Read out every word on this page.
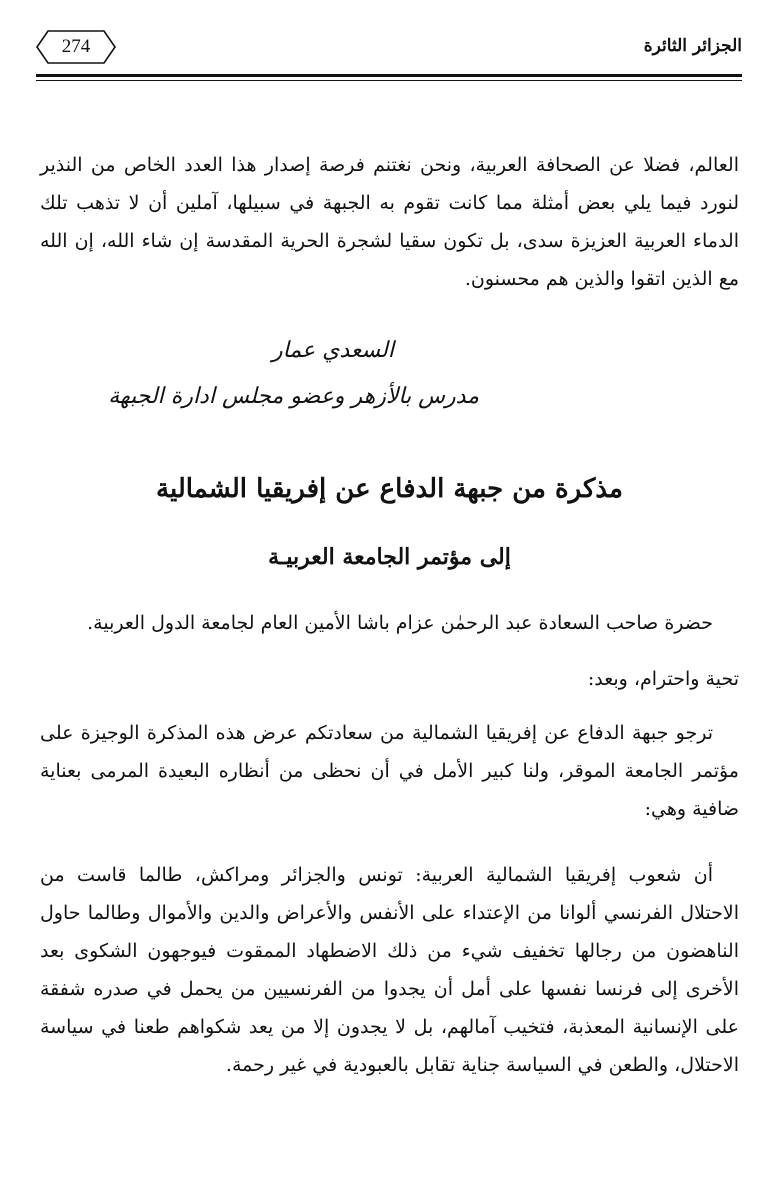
274	الجزائر الثائرة
العالم، فضلا عن الصحافة العربية، ونحن نغتنم فرصة إصدار هذا العدد الخاص من النذير لنورد فيما يلي بعض أمثلة مما كانت تقوم به الجبهة في سبيلها، آملين أن لا تذهب تلك الدماء العربية العزيزة سدى، بل تكون سقيا لشجرة الحرية المقدسة إن شاء الله، إن الله مع الذين اتقوا والذين هم محسنون.
السعدي عمار
مدرس بالأزهر وعضو مجلس ادارة الجبهة
مذكرة من جبهة الدفاع عن إفريقيا الشمالية
إلى مؤتمر الجامعة العربيـة
حضرة صاحب السعادة عبد الرحمٰن عزام باشا الأمين العام لجامعة الدول العربية.
تحية واحترام، وبعد:
ترجو جبهة الدفاع عن إفريقيا الشمالية من سعادتكم عرض هذه المذكرة الوجيزة على مؤتمر الجامعة الموقر، ولنا كبير الأمل في أن نحظى من أنظاره البعيدة المرمى بعناية ضافية وهي:
أن شعوب إفريقيا الشمالية العربية: تونس والجزائر ومراكش، طالما قاست من الاحتلال الفرنسي ألوانا من الإعتداء على الأنفس والأعراض والدين والأموال وطالما حاول الناهضون من رجالها تخفيف شيء من ذلك الاضطهاد الممقوت فيوجهون الشكوى بعد الأخرى إلى فرنسا نفسها على أمل أن يجدوا من الفرنسيين من يحمل في صدره شفقة على الإنسانية المعذبة، فتخيب آمالهم، بل لا يجدون إلا من يعد شكواهم طعنا في سياسة الاحتلال، والطعن في السياسة جناية تقابل بالعبودية في غير رحمة.
